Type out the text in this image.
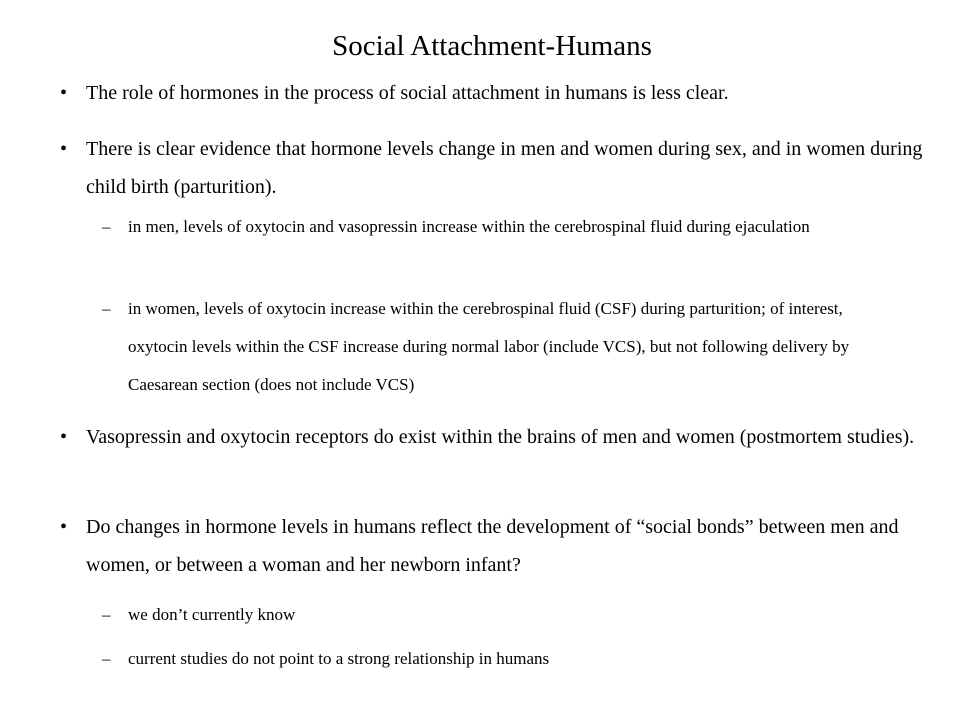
Social Attachment-Humans
• The role of hormones in the process of social attachment in humans is less clear.
• There is clear evidence that hormone levels change in men and women during sex, and in women during child birth (parturition).
– in men, levels of oxytocin and vasopressin increase within the cerebrospinal fluid during ejaculation
– in women, levels of oxytocin increase within the cerebrospinal fluid (CSF) during parturition; of interest, oxytocin levels within the CSF increase during normal labor (include VCS), but not following delivery by Caesarean section (does not include VCS)
• Vasopressin and oxytocin receptors do exist within the brains of men and women (postmortem studies).
• Do changes in hormone levels in humans reflect the development of “social bonds” between men and women, or between a woman and her newborn infant?
– we don’t currently know
– current studies do not point to a strong relationship in humans
